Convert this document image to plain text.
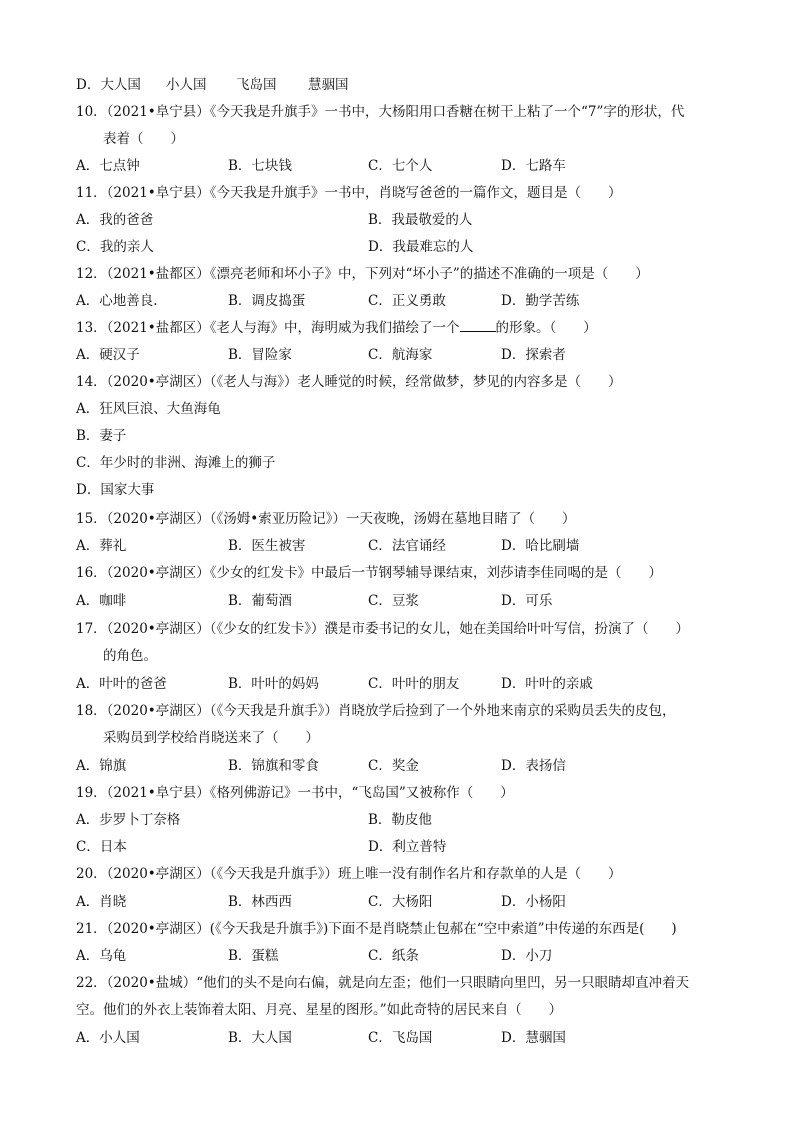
D．大人国 小人国 飞岛国 慧骃国
10．（2021•阜宁县）《今天我是升旗手》一书中，大杨阳用口香糖在树干上粘了一个“7”字的形状，代
表着（　　）
A．七点钟	B．七块钱	C．七个人	D．七路车
11．（2021•阜宁县）《今天我是升旗手》一书中，肖晓写爸爸的一篇作文，题目是（　　）
A．我的爸爸	B．我最敬爱的人
C．我的亲人	D．我最难忘的人
12．（2021•盐都区）《漂亮老师和坏小子》中，下列对“坏小子”的描述不准确的一项是（　　）
A．心地善良.	B．调皮捣蛋	C．正义勇敢	D．勤学苦练
13．（2021•盐都区）《老人与海》中，海明威为我们描绘了一个	的形象。（　　）
A．硬汉子	B．冒险家	C．航海家	D．探索者
14．（2020•亭湖区）（《老人与海》）老人睡觉的时候，经常做梦，梦见的内容多是（　　）
A．狂风巨浪、大鱼海龟
B．妻子
C．年少时的非洲、海滩上的狮子
D．国家大事
15．（2020•亭湖区）（《汤姆•索亚历险记》）一天夜晚，汤姆在墓地目睹了（　　）
A．葬礼	B．医生被害	C．法官诵经	D．哈比刷墙
16．（2020•亭湖区）《少女的红发卡》中最后一节钢琴辅导课结束，刘莎请李佳同喝的是（　　）
A．咖啡	B．葡萄酒	C．豆浆	D．可乐
17．（2020•亭湖区）（《少女的红发卡》）濮是市委书记的女儿，她在美国给叶叶写信，扮演了（　　）
的角色。
A．叶叶的爸爸	B．叶叶的妈妈	C．叶叶的朋友	D．叶叶的亲戚
18．（2020•亭湖区）（《今天我是升旗手》）肖晓放学后捡到了一个外地来南京的采购员丢失的皮包，
采购员到学校给肖晓送来了（　　）
A．锦旗	B．锦旗和零食	C．奖金	D．表扬信
19．（2021•阜宁县）《格列佛游记》一书中，“飞岛国”又被称作（　　）
A．步罗卜丁奈格	B．勒皮他
C．日本	D．利立普特
20．（2020•亭湖区）（《今天我是升旗手》）班上唯一没有制作名片和存款单的人是（　　）
A．肖晓	B．林西西	C．大杨阳	D．小杨阳
21．（2020•亭湖区）(《今天我是升旗手》)下面不是肖晓禁止包郝在“空中索道”中传递的东西是(　　)
A．乌龟	B．蛋糕	C．纸条	D．小刀
22．（2020•盐城）“他们的头不是向右偏，就是向左歪；他们一只眼睛向里凹，另一只眼睛却直冲着天
空。他们的外衣上装饰着太阳、月亮、星星的图形。”如此奇特的居民来自（　　）
A．小人国	B．大人国	C．飞岛国	D．慧骃国
